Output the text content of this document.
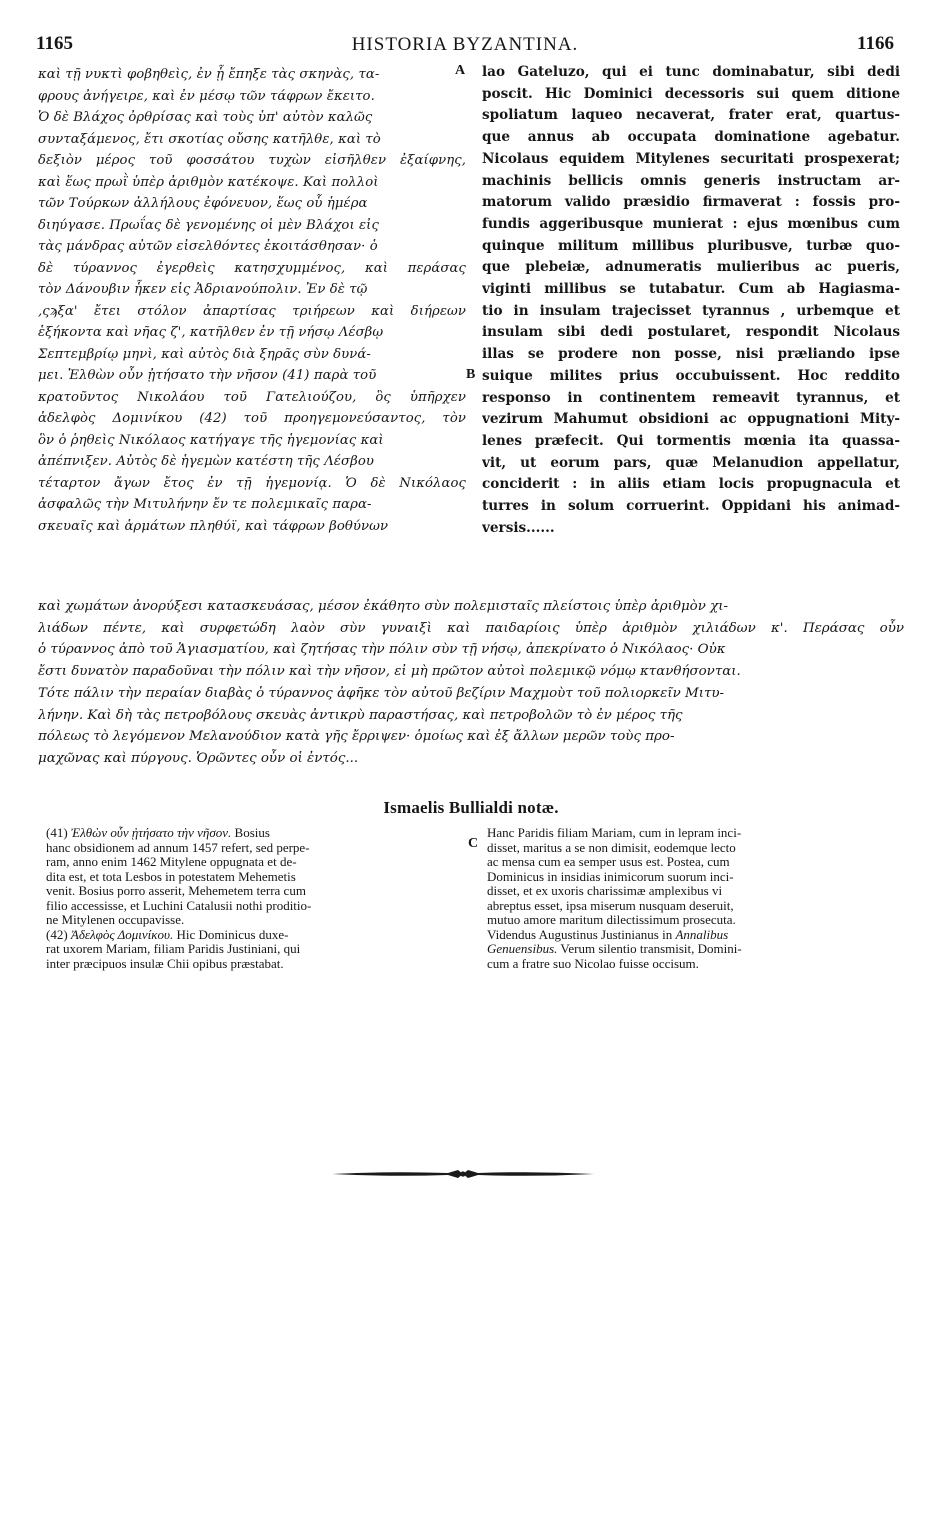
1165	HISTORIA BYZANTINA.	1166
A
B
C
καὶ τῇ νυκτὶ φοβηθεὶς, ἐν ᾗ ἔπηξε τὰς σκηνὰς, τα-
φρους ἀνήγειρε, καὶ ἐν μέσῳ τῶν τάφρων ἔκειτο.
Ὁ δὲ Βλάχος ὀρθρίσας καὶ τοὺς ὑπ' αὐτὸν καλῶς
συνταξάμενος, ἔτι σκοτίας οὔσης κατῆλθε, καὶ τὸ
δεξιὸν μέρος τοῦ φοσσάτου τυχὼν εἰσῆλθεν ἐξαίφνης,
καὶ ἕως πρωῒ ὑπὲρ ἀριθμὸν κατέκοψε. Καὶ πολλοὶ
τῶν Τούρκων ἀλλήλους ἐφόνευον, ἕως οὗ ἡμέρα
διηύγασε. Πρωΐας δὲ γενομένης οἱ μὲν Βλάχοι εἰς
τὰς μάνδρας αὐτῶν εἰσελθόντες ἐκοιτάσθησαν· ὁ
δὲ τύραννος ἐγερθεὶς κατησχυμμένος, καὶ περάσας
τὸν Δάνουβιν ἧκεν εἰς Ἀδριανούπολιν. Ἐν δὲ τῷ
,ςϡξα' ἔτει στόλον ἀπαρτίσας τριήρεων καὶ διήρεων
ἑξήκοντα καὶ νῆας ζ', κατῆλθεν ἐν τῇ νήσῳ Λέσβῳ
Σεπτεμβρίῳ μηνὶ, καὶ αὐτὸς διὰ ξηρᾶς σὺν δυνά-
μει. Ἐλθὼν οὖν ᾐτήσατο τὴν νῆσον (41) παρὰ τοῦ
κρατοῦντος Νικολάου τοῦ Γατελιούζου, ὃς ὑπῆρχεν
ἀδελφὸς Δομινίκου (42) τοῦ προηγεμονεύσαντος, τὸν
ὃν ὁ ῥηθεὶς Νικόλαος κατήγαγε τῆς ἡγεμονίας καὶ
ἀπέπνιξεν. Αὐτὸς δὲ ἡγεμὼν κατέστη τῆς Λέσβου
τέταρτον ἄγων ἔτος ἐν τῇ ἡγεμονίᾳ. Ὁ δὲ Νικόλαος
ἀσφαλῶς τὴν Μιτυλήνην ἔν τε πολεμικαῖς παρα-
σκευαῖς καὶ ἁρμάτων πληθύϊ, καὶ τάφρων βοθύνων
lao Gateluzo, qui ei tunc dominabatur, sibi dedi
poscit. Hic Dominici decessoris sui quem ditione
spoliatum laqueo necaverat, frater erat, quartus-
que annus ab occupata dominatione agebatur.
Nicolaus equidem Mitylenes securitati prospexerat;
machinis bellicis omnis generis instructam ar-
matorum valido præsidio firmaverat : fossis pro-
fundis aggeribusque munierat : ejus mœnibus cum
quinque militum millibus pluribusve, turbæ quo-
que plebeiæ, adnumeratis mulieribus ac pueris,
viginti millibus se tutabatur. Cum ab Hagiasma-
tio in insulam trajecisset tyrannus , urbemque et
insulam sibi dedi postularet, respondit Nicolaus
illas se prodere non posse, nisi præliando ipse
suique milites prius occubuissent. Hoc reddito
responso in continentem remeavit tyrannus, et
vezirum Mahumut obsidioni ac oppugnationi Mity-
lenes præfecit. Qui tormentis mœnia ita quassa-
vit, ut eorum pars, quæ Melanudion appellatur,
conciderit : in aliis etiam locis propugnacula et
turres in solum corruerint. Oppidani his animad-
versis......
καὶ χωμάτων ἀνορύξεσι κατασκευάσας, μέσον ἐκάθητο σὺν πολεμισταῖς πλείστοις ὑπὲρ ἀριθμὸν χι-
λιάδων πέντε, καὶ συρφετώδη λαὸν σὺν γυναιξὶ καὶ παιδαρίοις ὑπὲρ ἀριθμὸν χιλιάδων κ'. Περάσας οὖν
ὁ τύραννος ἀπὸ τοῦ Ἁγιασματίου, καὶ ζητήσας τὴν πόλιν σὺν τῇ νήσῳ, ἀπεκρίνατο ὁ Νικόλαος· Οὐκ
ἔστι δυνατὸν παραδοῦναι τὴν πόλιν καὶ τὴν νῆσον, εἰ μὴ πρῶτον αὐτοὶ πολεμικῷ νόμῳ κτανθήσονται.
Τότε πάλιν τὴν περαίαν διαβὰς ὁ τύραννος ἀφῆκε τὸν αὐτοῦ βεζίριν Μαχμοὺτ τοῦ πολιορκεῖν Μιτυ-
λήνην. Καὶ δὴ τὰς πετροβόλους σκευὰς ἀντικρὺ παραστήσας, καὶ πετροβολῶν τὸ ἐν μέρος τῆς
πόλεως τὸ λεγόμενον Μελανούδιον κατὰ γῆς ἔρριψεν· ὁμοίως καὶ ἐξ ἄλλων μερῶν τοὺς προ-
μαχῶνας καὶ πύργους. Ὁρῶντες οὖν οἱ ἐντός...
Ismaelis Bullialdi notæ.
(41) Ἐλθὼν οὖν ᾐτήσατο τὴν νῆσον. Bosius
hanc obsidionem ad annum 1457 refert, sed perpe-
ram, anno enim 1462 Mitylene oppugnata et de-
dita est, et tota Lesbos in potestatem Mehemetis
venit. Bosius porro asserit, Mehemetem terra cum
filio accessisse, et Luchini Catalusii nothi proditio-
ne Mitylenen occupavisse.
(42) Ἀδελφὸς Δομινίκου. Hic Dominicus duxe-
rat uxorem Mariam, filiam Paridis Justiniani, qui
inter præcipuos insulæ Chii opibus præstabat.
Hanc Paridis filiam Mariam, cum in lepram inci-
disset, maritus a se non dimisit, eodemque lecto
ac mensa cum ea semper usus est. Postea, cum
Dominicus in insidias inimicorum suorum inci-
disset, et ex uxoris charissimæ amplexibus vi
abreptus esset, ipsa miserum nusquam deseruit,
mutuo amore maritum dilectissimum prosecuta.
Videndus Augustinus Justinianus in Annalibus
Genuensibus. Verum silentio transmisit, Domini-
cum a fratre suo Nicolao fuisse occisum.
